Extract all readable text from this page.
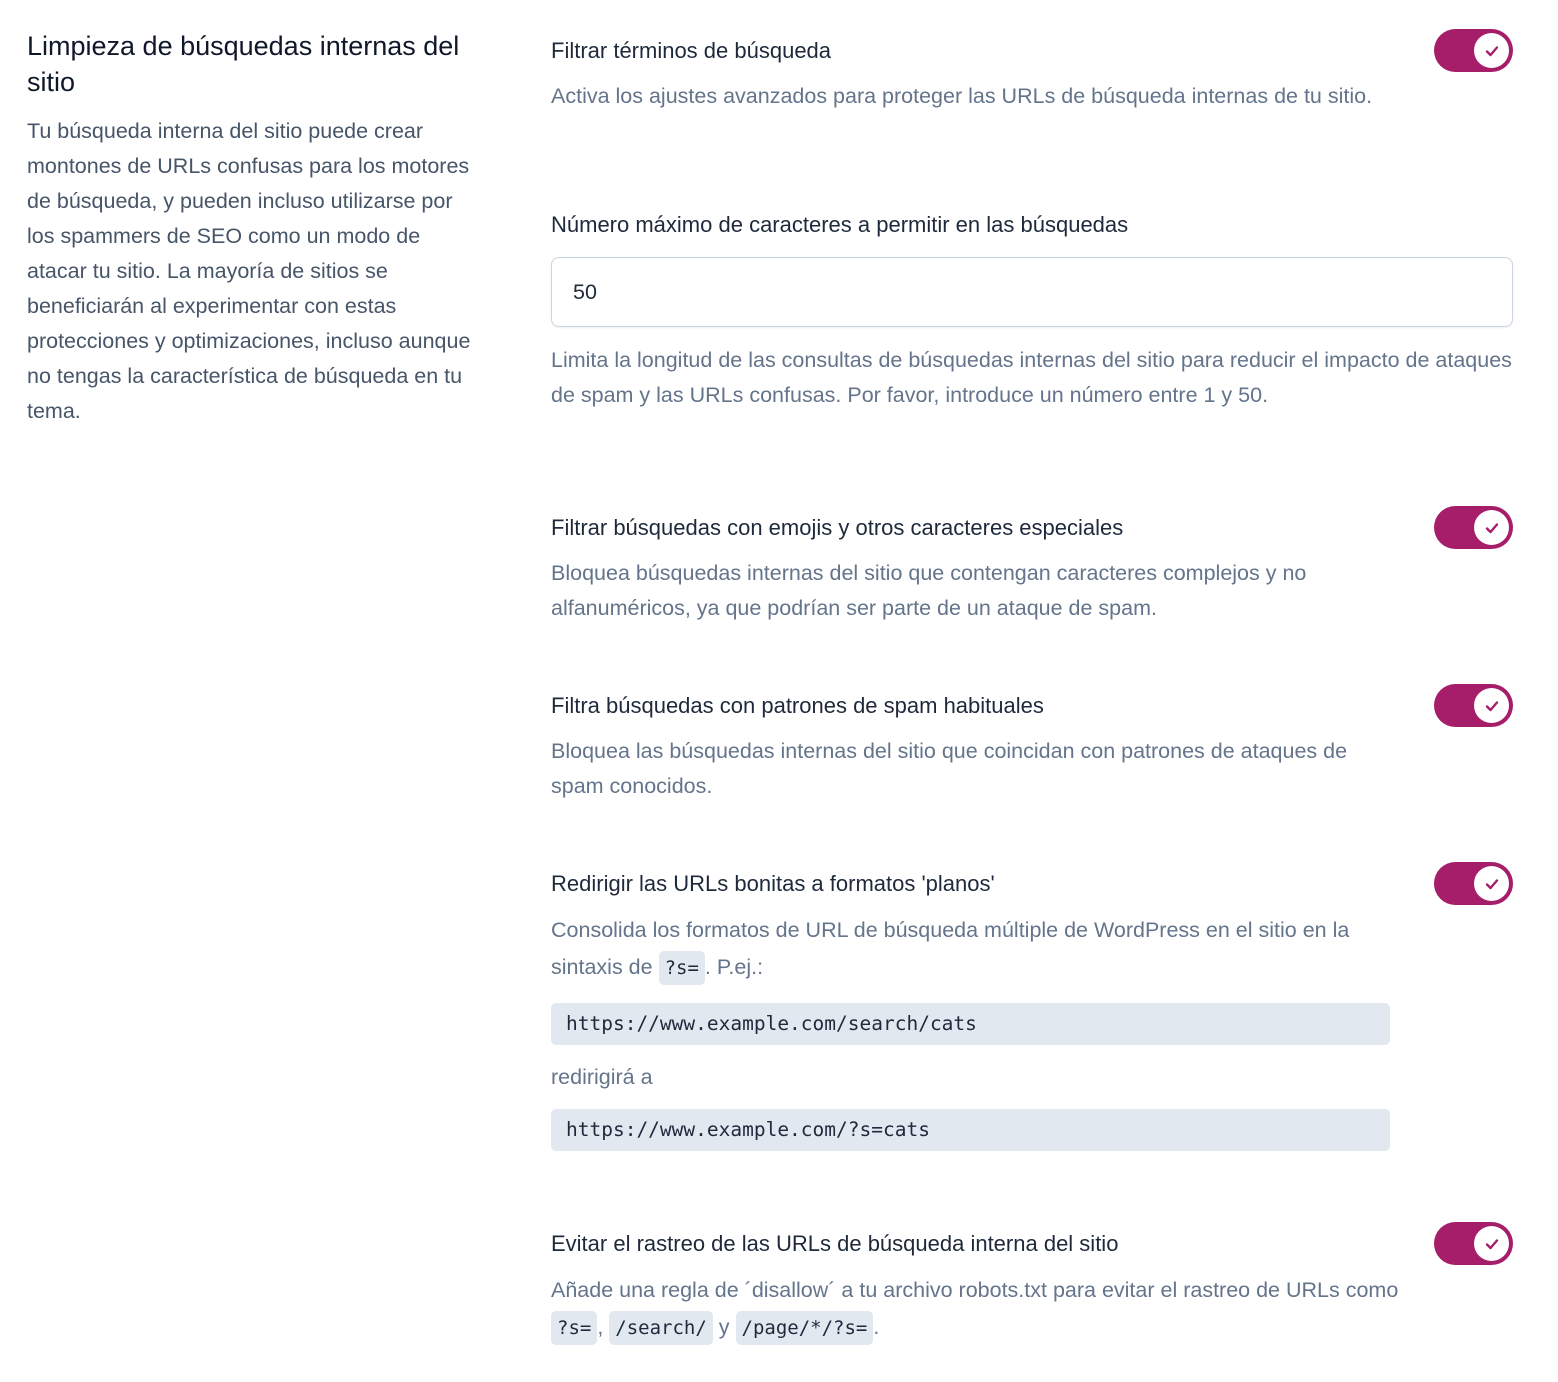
Limpieza de búsquedas internas del sitio

Tu búsqueda interna del sitio puede crear montones de URLs confusas para los motores de búsqueda, y pueden incluso utilizarse por los spammers de SEO como un modo de atacar tu sitio. La mayoría de sitios se beneficiarán al experimentar con estas protecciones y optimizaciones, incluso aunque no tengas la característica de búsqueda en tu tema.

Filtrar términos de búsqueda
Activa los ajustes avanzados para proteger las URLs de búsqueda internas de tu sitio.
Número máximo de caracteres a permitir en las búsquedas
50
Limita la longitud de las consultas de búsquedas internas del sitio para reducir el impacto de ataques de spam y las URLs confusas. Por favor, introduce un número entre 1 y 50.
Filtrar búsquedas con emojis y otros caracteres especiales
Bloquea búsquedas internas del sitio que contengan caracteres complejos y no alfanuméricos, ya que podrían ser parte de un ataque de spam.
Filtra búsquedas con patrones de spam habituales
Bloquea las búsquedas internas del sitio que coincidan con patrones de ataques de spam conocidos.
Redirigir las URLs bonitas a formatos 'planos'
Consolida los formatos de URL de búsqueda múltiple de WordPress en el sitio en la sintaxis de ?s= . P.ej.:
https://www.example.com/search/cats
redirigirá a
https://www.example.com/?s=cats
Evitar el rastreo de las URLs de búsqueda interna del sitio
Añade una regla de ´disallow´ a tu archivo robots.txt para evitar el rastreo de URLs como ?s= , /search/ y /page/*/?s= .
